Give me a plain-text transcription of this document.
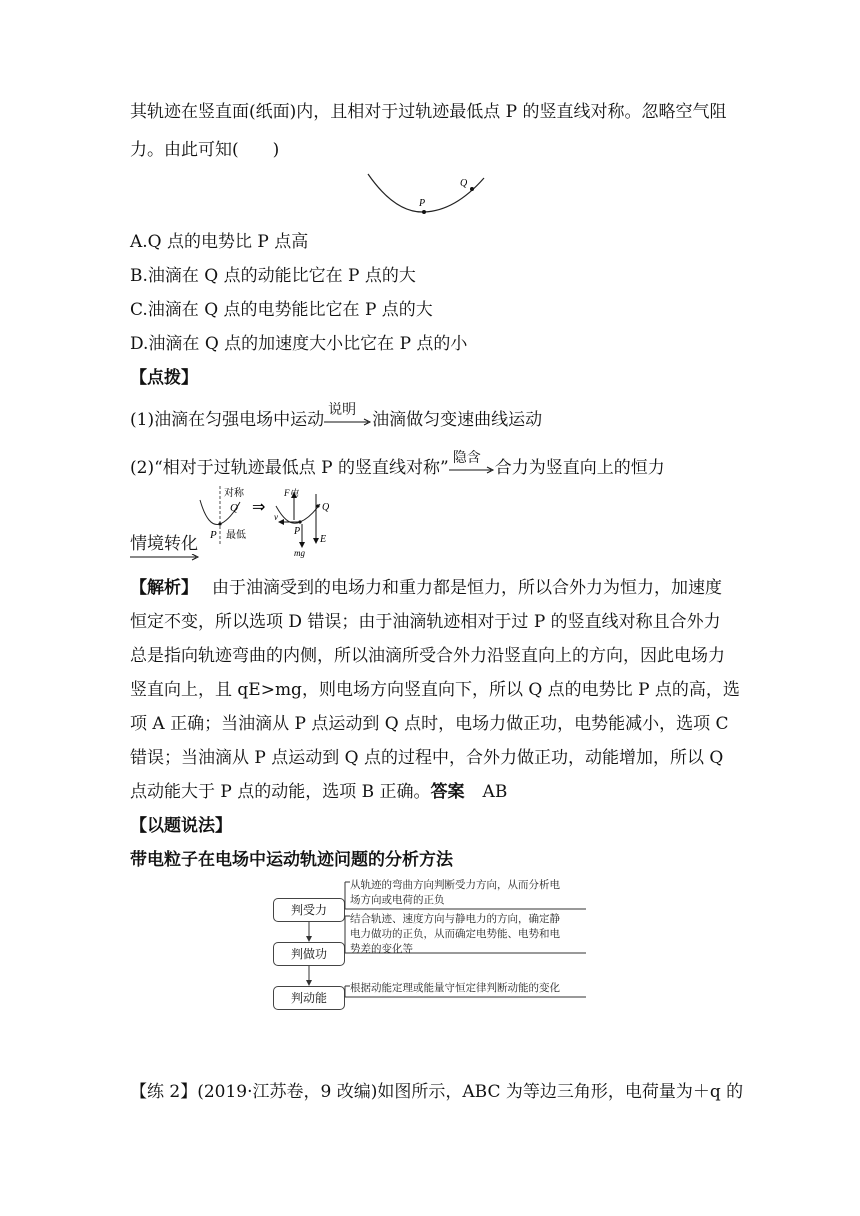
其轨迹在竖直面(纸面)内，且相对于过轨迹最低点 P 的竖直线对称。忽略空气阻
力。由此可知(　　)
P
Q
A.Q 点的电势比 P 点高
B.油滴在 Q 点的动能比它在 P 点的大
C.油滴在 Q 点的电势能比它在 P 点的大
D.油滴在 Q 点的加速度大小比它在 P 点的小
【点拨】
(1)油滴在匀强电场中运动 说明 油滴做匀变速曲线运动
(2)“相对于过轨迹最低点 P 的竖直线对称” 隐含 合力为竖直向上的恒力
情境转化
对称
Q
P 最低
⇒
F电
v
mg
P
E
Q
【解析】 由于油滴受到的电场力和重力都是恒力，所以合外力为恒力，加速度
恒定不变，所以选项 D 错误；由于油滴轨迹相对于过 P 的竖直线对称且合外力
总是指向轨迹弯曲的内侧，所以油滴所受合外力沿竖直向上的方向，因此电场力
竖直向上，且 qE>mg，则电场方向竖直向下，所以 Q 点的电势比 P 点的高，选
项 A 正确；当油滴从 P 点运动到 Q 点时，电场力做正功，电势能减小，选项 C
错误；当油滴从 P 点运动到 Q 点的过程中，合外力做正功，动能增加，所以 Q
点动能大于 P 点的动能，选项 B 正确。答案 AB
【以题说法】
带电粒子在电场中运动轨迹问题的分析方法
判受力
判做功
判动能
从轨迹的弯曲方向判断受力方向，从而分析电
场方向或电荷的正负
结合轨迹、速度方向与静电力的方向，确定静
电力做功的正负，从而确定电势能、电势和电
势差的变化等
根据动能定理或能量守恒定律判断动能的变化
【练 2】(2019·江苏卷，9 改编)如图所示，ABC 为等边三角形，电荷量为＋q 的
